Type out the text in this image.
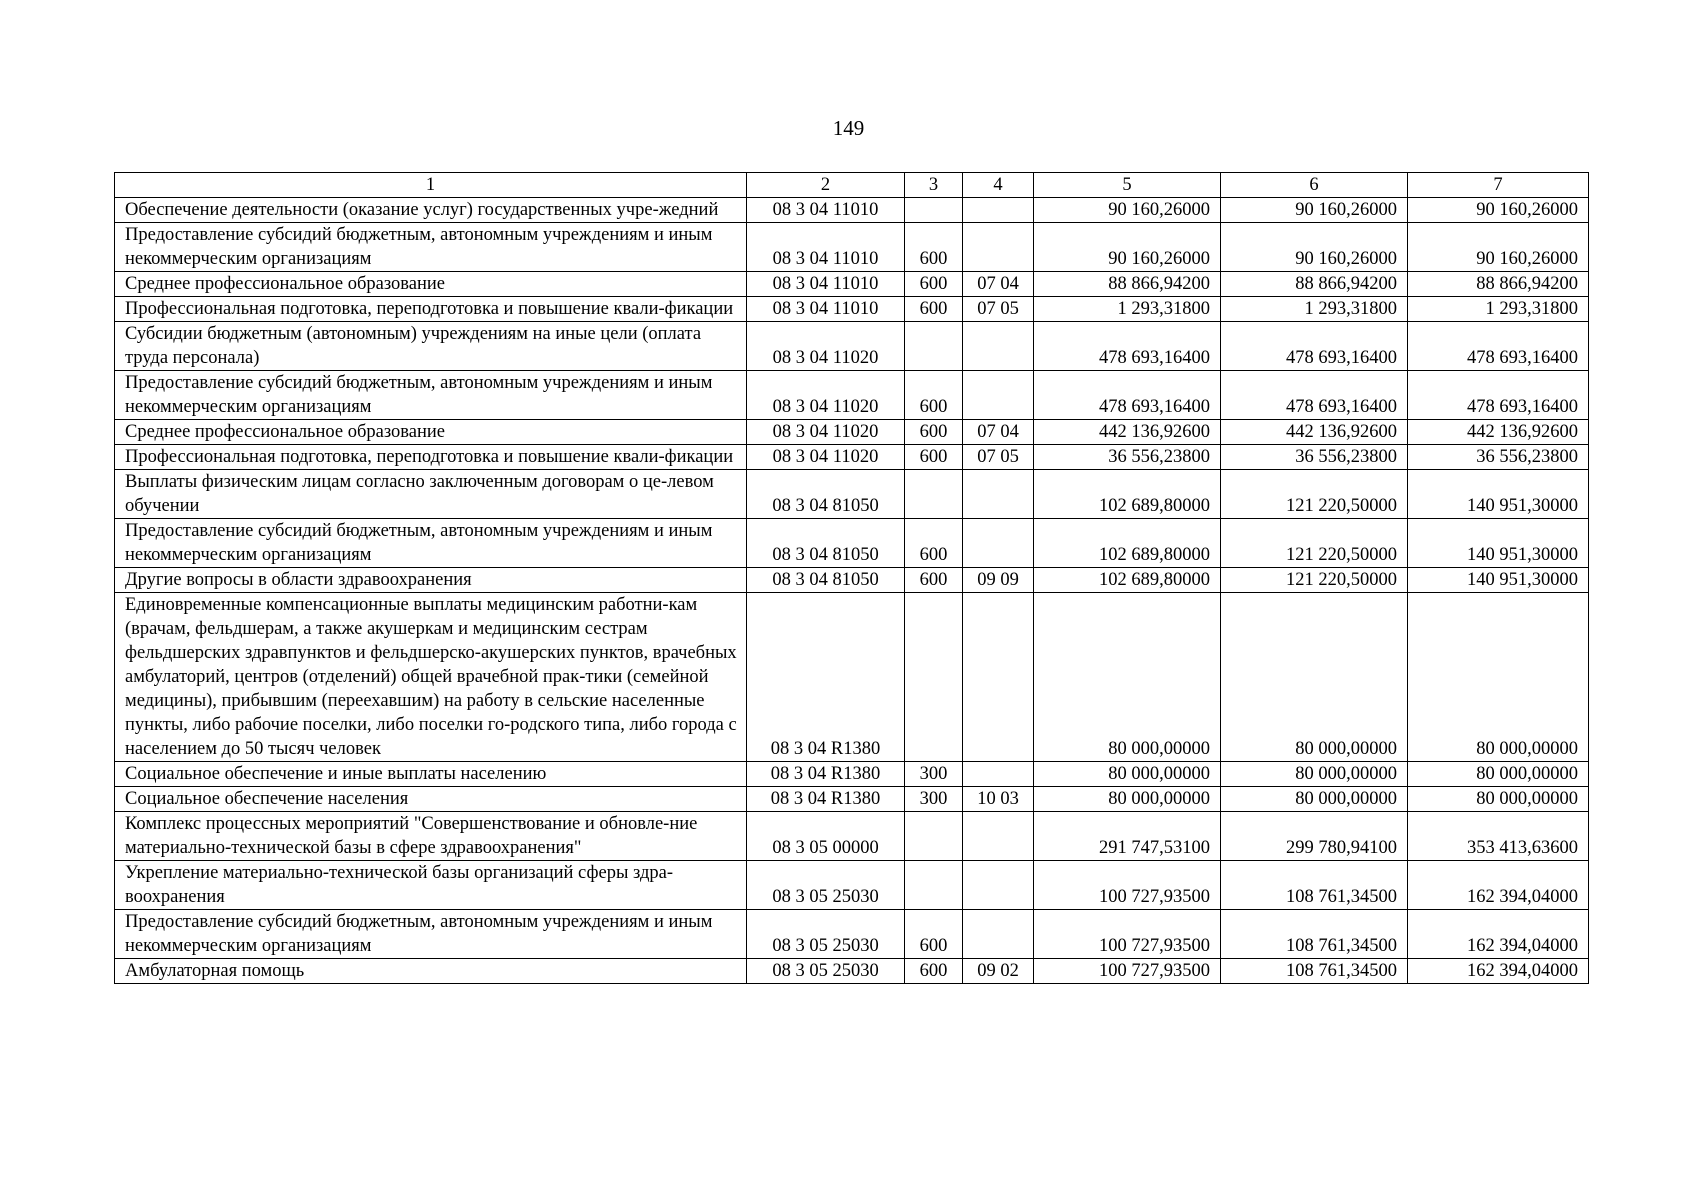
149
1	2	3	4	5	6	7
Обеспечение деятельности (оказание услуг) государственных учре-жедний	08 3 04 11010			90 160,26000	90 160,26000	90 160,26000
Предоставление субсидий бюджетным, автономным учреждениям и иным некоммерческим организациям	08 3 04 11010	600		90 160,26000	90 160,26000	90 160,26000
Среднее профессиональное образование	08 3 04 11010	600	07 04	88 866,94200	88 866,94200	88 866,94200
Профессиональная подготовка, переподготовка и повышение квали-фикации	08 3 04 11010	600	07 05	1 293,31800	1 293,31800	1 293,31800
Субсидии бюджетным (автономным) учреждениям на иные цели (оплата труда персонала)	08 3 04 11020			478 693,16400	478 693,16400	478 693,16400
Предоставление субсидий бюджетным, автономным учреждениям и иным некоммерческим организациям	08 3 04 11020	600		478 693,16400	478 693,16400	478 693,16400
Среднее профессиональное образование	08 3 04 11020	600	07 04	442 136,92600	442 136,92600	442 136,92600
Профессиональная подготовка, переподготовка и повышение квали-фикации	08 3 04 11020	600	07 05	36 556,23800	36 556,23800	36 556,23800
Выплаты физическим лицам согласно заключенным договорам о це-левом обучении	08 3 04 81050			102 689,80000	121 220,50000	140 951,30000
Предоставление субсидий бюджетным, автономным учреждениям и иным некоммерческим организациям	08 3 04 81050	600		102 689,80000	121 220,50000	140 951,30000
Другие вопросы в области здравоохранения	08 3 04 81050	600	09 09	102 689,80000	121 220,50000	140 951,30000
Единовременные компенсационные выплаты медицинским работни-кам (врачам, фельдшерам, а также акушеркам и медицинским сестрам фельдшерских здравпунктов и фельдшерско-акушерских пунктов, врачебных амбулаторий, центров (отделений) общей врачебной прак-тики (семейной медицины), прибывшим (переехавшим) на работу в сельские населенные пункты, либо рабочие поселки, либо поселки го-родского типа, либо города с населением до 50 тысяч человек	08 3 04 R1380			80 000,00000	80 000,00000	80 000,00000
Социальное обеспечение и иные выплаты населению	08 3 04 R1380	300		80 000,00000	80 000,00000	80 000,00000
Социальное обеспечение населения	08 3 04 R1380	300	10 03	80 000,00000	80 000,00000	80 000,00000
Комплекс процессных мероприятий "Совершенствование и обновле-ние материально-технической базы в сфере здравоохранения"	08 3 05 00000			291 747,53100	299 780,94100	353 413,63600
Укрепление материально-технической базы организаций сферы здра-воохранения	08 3 05 25030			100 727,93500	108 761,34500	162 394,04000
Предоставление субсидий бюджетным, автономным учреждениям и иным некоммерческим организациям	08 3 05 25030	600		100 727,93500	108 761,34500	162 394,04000
Амбулаторная помощь	08 3 05 25030	600	09 02	100 727,93500	108 761,34500	162 394,04000
